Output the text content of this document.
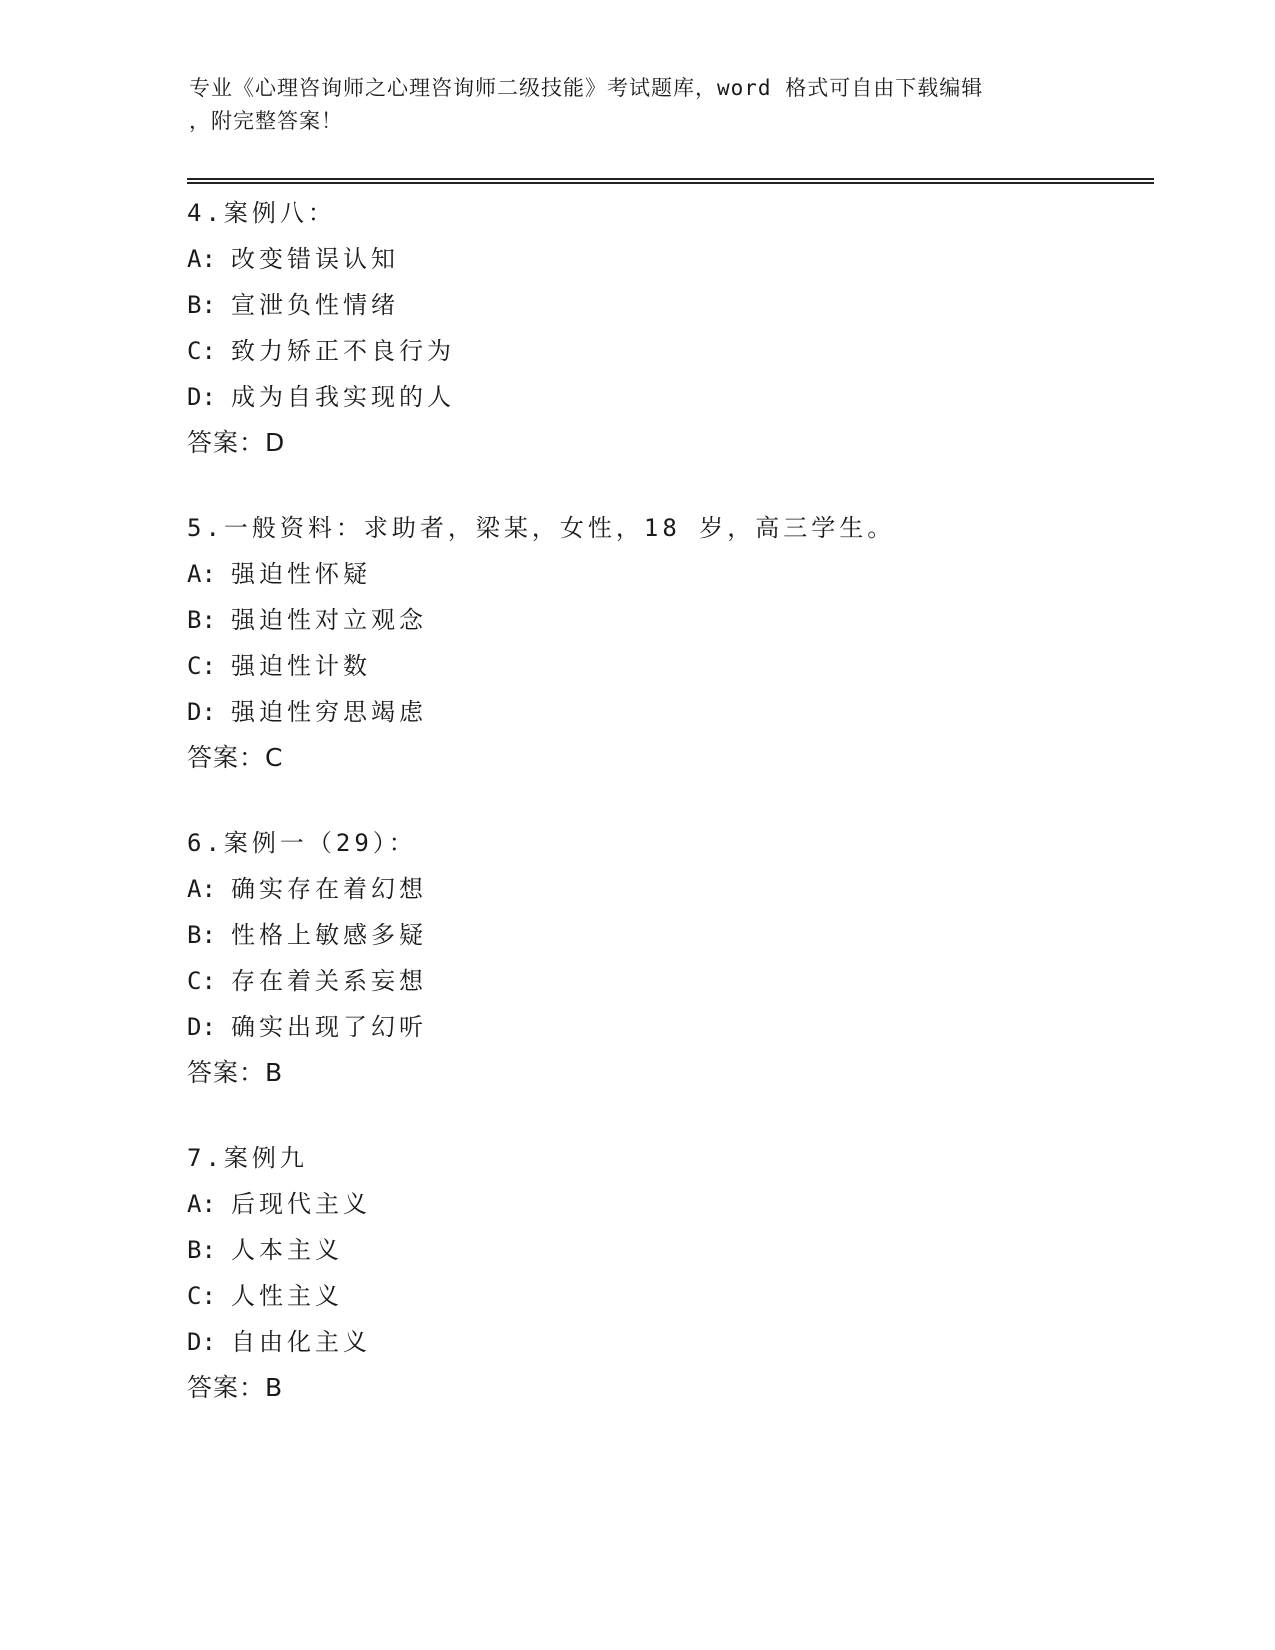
专业《心理咨询师之心理咨询师二级技能》考试题库，word 格式可自由下载编辑
，附完整答案！
4.案例八：
A: 改变错误认知
B: 宣泄负性情绪
C: 致力矫正不良行为
D: 成为自我实现的人
答案：D
5.一般资料：求助者，梁某，女性，18 岁，高三学生。
A: 强迫性怀疑
B: 强迫性对立观念
C: 强迫性计数
D: 强迫性穷思竭虑
答案：C
6.案例一（29）：
A: 确实存在着幻想
B: 性格上敏感多疑
C: 存在着关系妄想
D: 确实出现了幻听
答案：B
7.案例九
A: 后现代主义
B: 人本主义
C: 人性主义
D: 自由化主义
答案：B
